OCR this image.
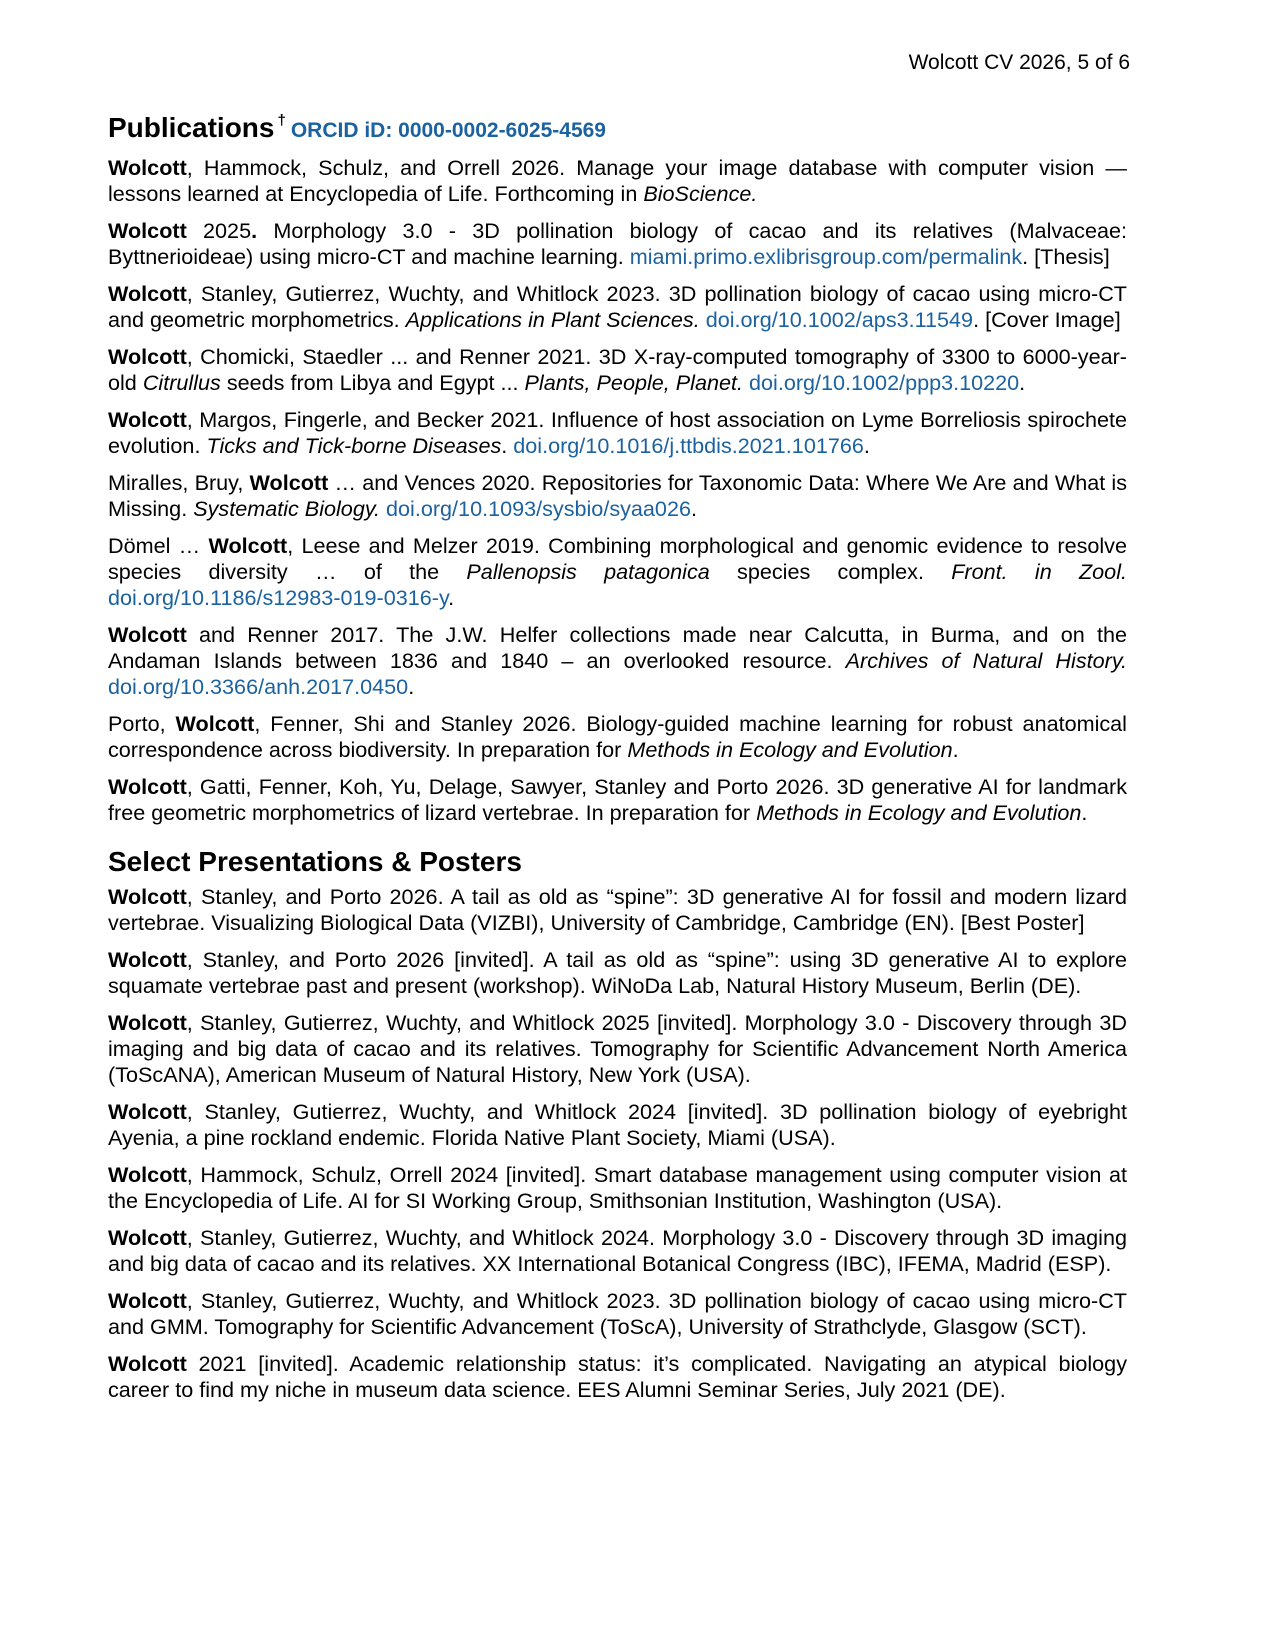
Wolcott CV 2026, 5 of 6
Publications † ORCID iD: 0000-0002-6025-4569

Wolcott, Hammock, Schulz, and Orrell 2026. Manage your image database with computer vision — lessons learned at Encyclopedia of Life. Forthcoming in BioScience.

Wolcott 2025. Morphology 3.0 - 3D pollination biology of cacao and its relatives (Malvaceae: Byttnerioideae) using micro-CT and machine learning. miami.primo.exlibrisgroup.com/permalink. [Thesis]

Wolcott, Stanley, Gutierrez, Wuchty, and Whitlock 2023. 3D pollination biology of cacao using micro-CT and geometric morphometrics. Applications in Plant Sciences. doi.org/10.1002/aps3.11549. [Cover Image]

Wolcott, Chomicki, Staedler ... and Renner 2021. 3D X-ray-computed tomography of 3300 to 6000-year-old Citrullus seeds from Libya and Egypt ... Plants, People, Planet. doi.org/10.1002/ppp3.10220.

Wolcott, Margos, Fingerle, and Becker 2021. Influence of host association on Lyme Borreliosis spirochete evolution. Ticks and Tick-borne Diseases. doi.org/10.1016/j.ttbdis.2021.101766.

Miralles, Bruy, Wolcott … and Vences 2020. Repositories for Taxonomic Data: Where We Are and What is Missing. Systematic Biology. doi.org/10.1093/sysbio/syaa026.

Dömel … Wolcott, Leese and Melzer 2019. Combining morphological and genomic evidence to resolve species diversity … of the Pallenopsis patagonica species complex. Front. in Zool. doi.org/10.1186/s12983-019-0316-y.

Wolcott and Renner 2017. The J.W. Helfer collections made near Calcutta, in Burma, and on the Andaman Islands between 1836 and 1840 – an overlooked resource. Archives of Natural History. doi.org/10.3366/anh.2017.0450.

Porto, Wolcott, Fenner, Shi and Stanley 2026. Biology-guided machine learning for robust anatomical correspondence across biodiversity. In preparation for Methods in Ecology and Evolution.

Wolcott, Gatti, Fenner, Koh, Yu, Delage, Sawyer, Stanley and Porto 2026. 3D generative AI for landmark free geometric morphometrics of lizard vertebrae. In preparation for Methods in Ecology and Evolution.

Select Presentations & Posters

Wolcott, Stanley, and Porto 2026. A tail as old as “spine”: 3D generative AI for fossil and modern lizard vertebrae. Visualizing Biological Data (VIZBI), University of Cambridge, Cambridge (EN). [Best Poster]

Wolcott, Stanley, and Porto 2026 [invited]. A tail as old as “spine”: using 3D generative AI to explore squamate vertebrae past and present (workshop). WiNoDa Lab, Natural History Museum, Berlin (DE).

Wolcott, Stanley, Gutierrez, Wuchty, and Whitlock 2025 [invited]. Morphology 3.0 - Discovery through 3D imaging and big data of cacao and its relatives. Tomography for Scientific Advancement North America (ToScANA), American Museum of Natural History, New York (USA).

Wolcott, Stanley, Gutierrez, Wuchty, and Whitlock 2024 [invited]. 3D pollination biology of eyebright Ayenia, a pine rockland endemic. Florida Native Plant Society, Miami (USA).

Wolcott, Hammock, Schulz, Orrell 2024 [invited]. Smart database management using computer vision at the Encyclopedia of Life. AI for SI Working Group, Smithsonian Institution, Washington (USA).

Wolcott, Stanley, Gutierrez, Wuchty, and Whitlock 2024. Morphology 3.0 - Discovery through 3D imaging and big data of cacao and its relatives. XX International Botanical Congress (IBC), IFEMA, Madrid (ESP).

Wolcott, Stanley, Gutierrez, Wuchty, and Whitlock 2023. 3D pollination biology of cacao using micro-CT and GMM. Tomography for Scientific Advancement (ToScA), University of Strathclyde, Glasgow (SCT).

Wolcott 2021 [invited]. Academic relationship status: it’s complicated. Navigating an atypical biology career to find my niche in museum data science. EES Alumni Seminar Series, July 2021 (DE).
